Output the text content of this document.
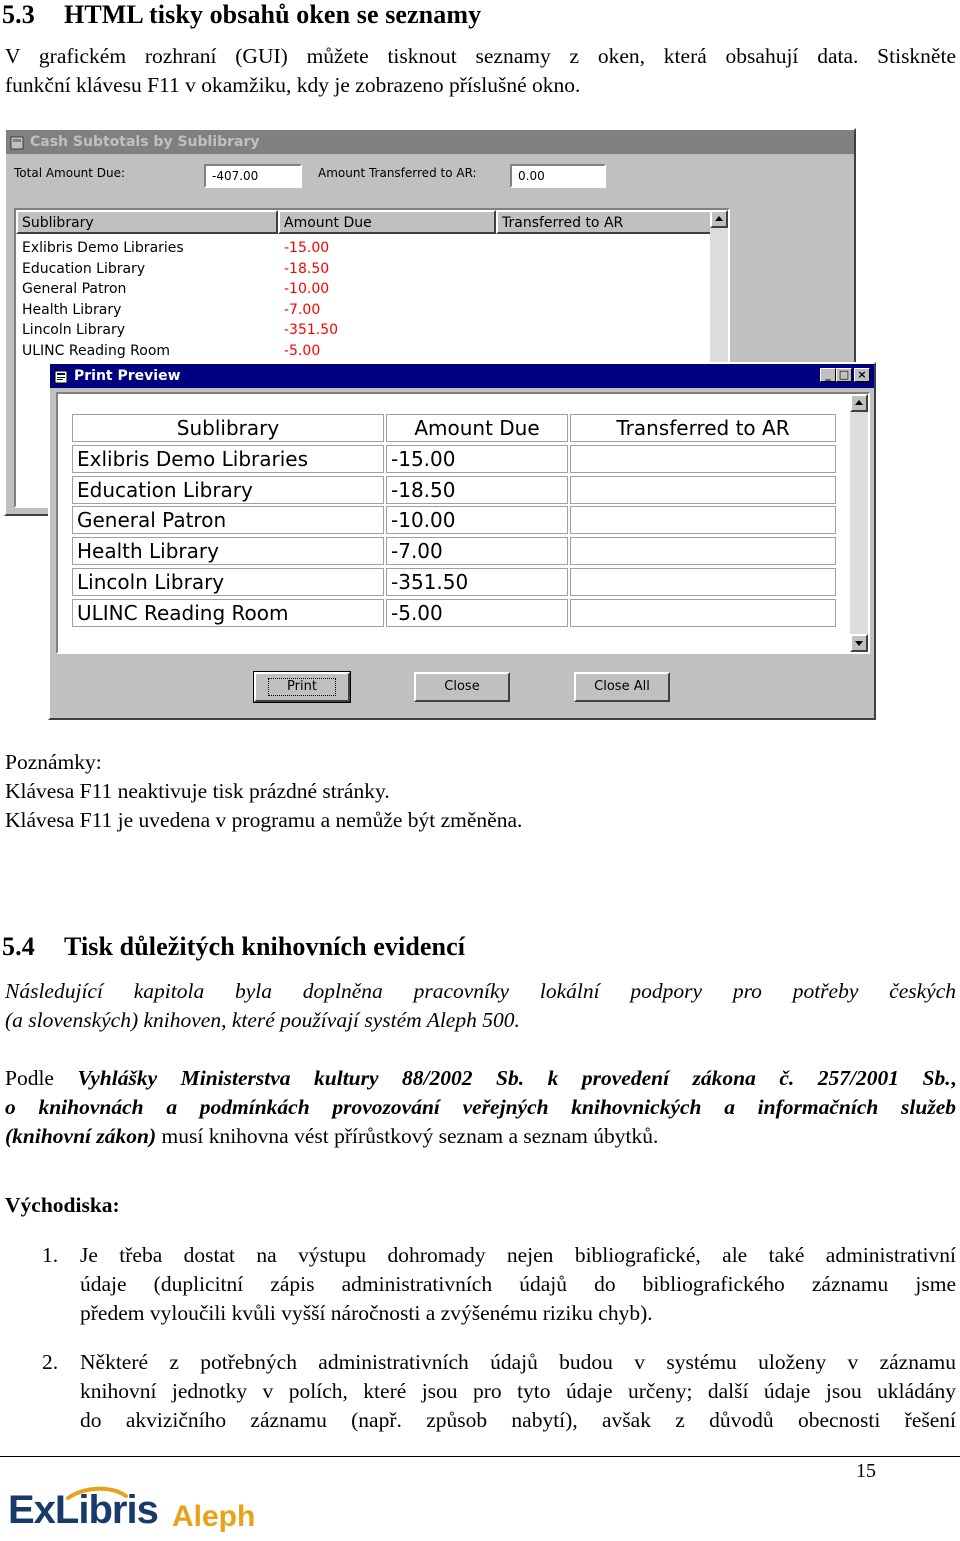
5.3 HTML tisky obsahů oken se seznamy
V grafickém rozhraní (GUI) můžete tisknout seznamy z oken, která obsahují data. Stiskněte
funkční klávesu F11 v okamžiku, kdy je zobrazeno příslušné okno.
Cash Subtotals by Sublibrary
Total Amount Due:	-407.00	Amount Transferred to AR:	0.00
Sublibrary	Amount Due	Transferred to AR
Exlibris Demo Libraries	-15.00
Education Library	-18.50
General Patron	-10.00
Health Library	-7.00
Lincoln Library	-351.50
ULINC Reading Room	-5.00
Print Preview	_ □ ×
Sublibrary	Amount Due	Transferred to AR
Exlibris Demo Libraries	-15.00
Education Library	-18.50
General Patron	-10.00
Health Library	-7.00
Lincoln Library	-351.50
ULINC Reading Room	-5.00
Print	Close	Close All
Poznámky:
Klávesa F11 neaktivuje tisk prázdné stránky.
Klávesa F11 je uvedena v programu a nemůže být změněna.
5.4 Tisk důležitých knihovních evidencí
Následující kapitola byla doplněna pracovníky lokální podpory pro potřeby českých
(a slovenských) knihoven, které používají systém Aleph 500.
Podle Vyhlášky Ministerstva kultury 88/2002 Sb. k provedení zákona č. 257/2001 Sb.,
o knihovnách a podmínkách provozování veřejných knihovnických a informačních služeb
(knihovní zákon) musí knihovna vést přírůstkový seznam a seznam úbytků.
Východiska:
1. Je třeba dostat na výstupu dohromady nejen bibliografické, ale také administrativní
údaje (duplicitní zápis administrativních údajů do bibliografického záznamu jsme
předem vyloučili kvůli vyšší náročnosti a zvýšenému riziku chyb).
2. Některé z potřebných administrativních údajů budou v systému uloženy v záznamu
knihovní jednotky v polích, které jsou pro tyto údaje určeny; další údaje jsou ukládány
do akvizičního záznamu (např. způsob nabytí), avšak z důvodů obecnosti řešení
15
ExLibris Aleph
